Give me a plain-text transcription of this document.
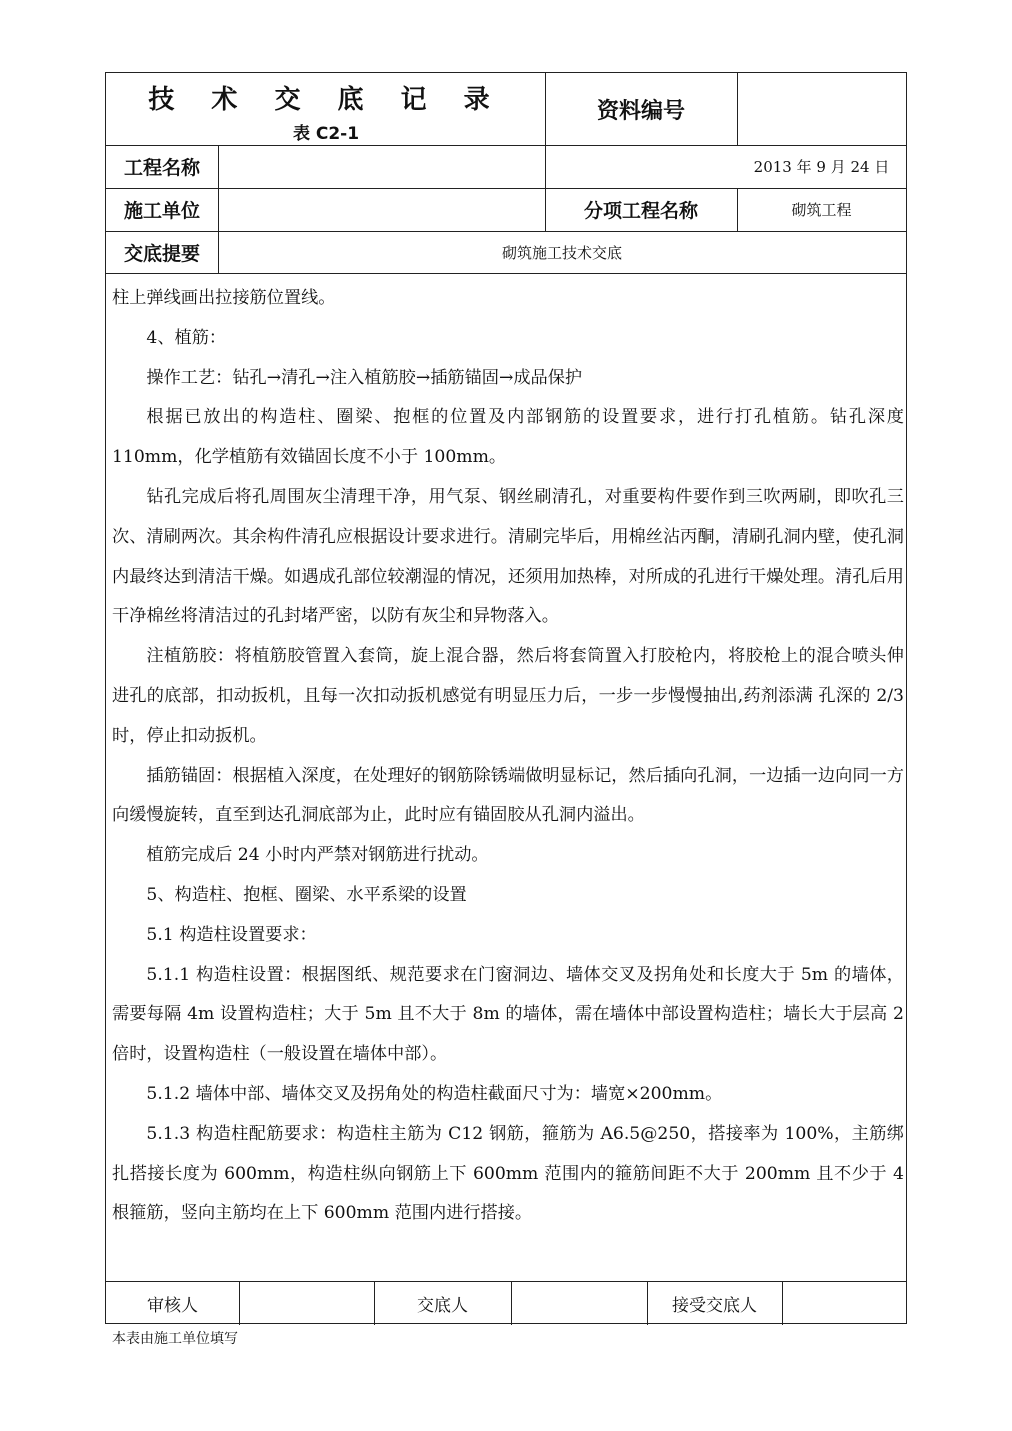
技 术 交 底 记 录
表 C2-1
资料编号
工程名称	2013 年 9 月 24 日
施工单位	分项工程名称	砌筑工程
交底提要	砌筑施工技术交底

柱上弹线画出拉接筋位置线。

4、植筋：

操作工艺：钻孔→清孔→注入植筋胶→插筋锚固→成品保护

根据已放出的构造柱、圈梁、抱框的位置及内部钢筋的设置要求，进行打孔植筋。钻孔深度 110mm，化学植筋有效锚固长度不小于 100mm。

钻孔完成后将孔周围灰尘清理干净，用气泵、钢丝刷清孔，对重要构件要作到三吹两刷，即吹孔三次、清刷两次。其余构件清孔应根据设计要求进行。清刷完毕后，用棉丝沾丙酮，清刷孔洞内壁，使孔洞内最终达到清洁干燥。如遇成孔部位较潮湿的情况，还须用加热棒，对所成的孔进行干燥处理。清孔后用干净棉丝将清洁过的孔封堵严密，以防有灰尘和异物落入。

注植筋胶：将植筋胶管置入套筒，旋上混合器，然后将套筒置入打胶枪内，将胶枪上的混合喷头伸 进孔的底部，扣动扳机，且每一次扣动扳机感觉有明显压力后，一步一步慢慢抽出,药剂添满 孔深的 2/3 时，停止扣动扳机。

插筋锚固：根据植入深度，在处理好的钢筋除锈端做明显标记，然后插向孔洞，一边插一边向同一方向缓慢旋转，直至到达孔洞底部为止，此时应有锚固胶从孔洞内溢出。

植筋完成后 24 小时内严禁对钢筋进行扰动。

5、构造柱、抱框、圈梁、水平系梁的设置

5.1 构造柱设置要求：

5.1.1 构造柱设置：根据图纸、规范要求在门窗洞边、墙体交叉及拐角处和长度大于 5m 的墙体，需要每隔 4m 设置构造柱；大于 5m 且不大于 8m 的墙体，需在墙体中部设置构造柱；墙长大于层高 2 倍时，设置构造柱（一般设置在墙体中部）。

5.1.2 墙体中部、墙体交叉及拐角处的构造柱截面尺寸为：墙宽×200mm。

5.1.3 构造柱配筋要求：构造柱主筋为 C12 钢筋，箍筋为 A6.5@250，搭接率为 100%，主筋绑扎搭接长度为 600mm，构造柱纵向钢筋上下 600mm 范围内的箍筋间距不大于 200mm 且不少于 4 根箍筋，竖向主筋均在上下 600mm 范围内进行搭接。

审核人	交底人	接受交底人
本表由施工单位填写
